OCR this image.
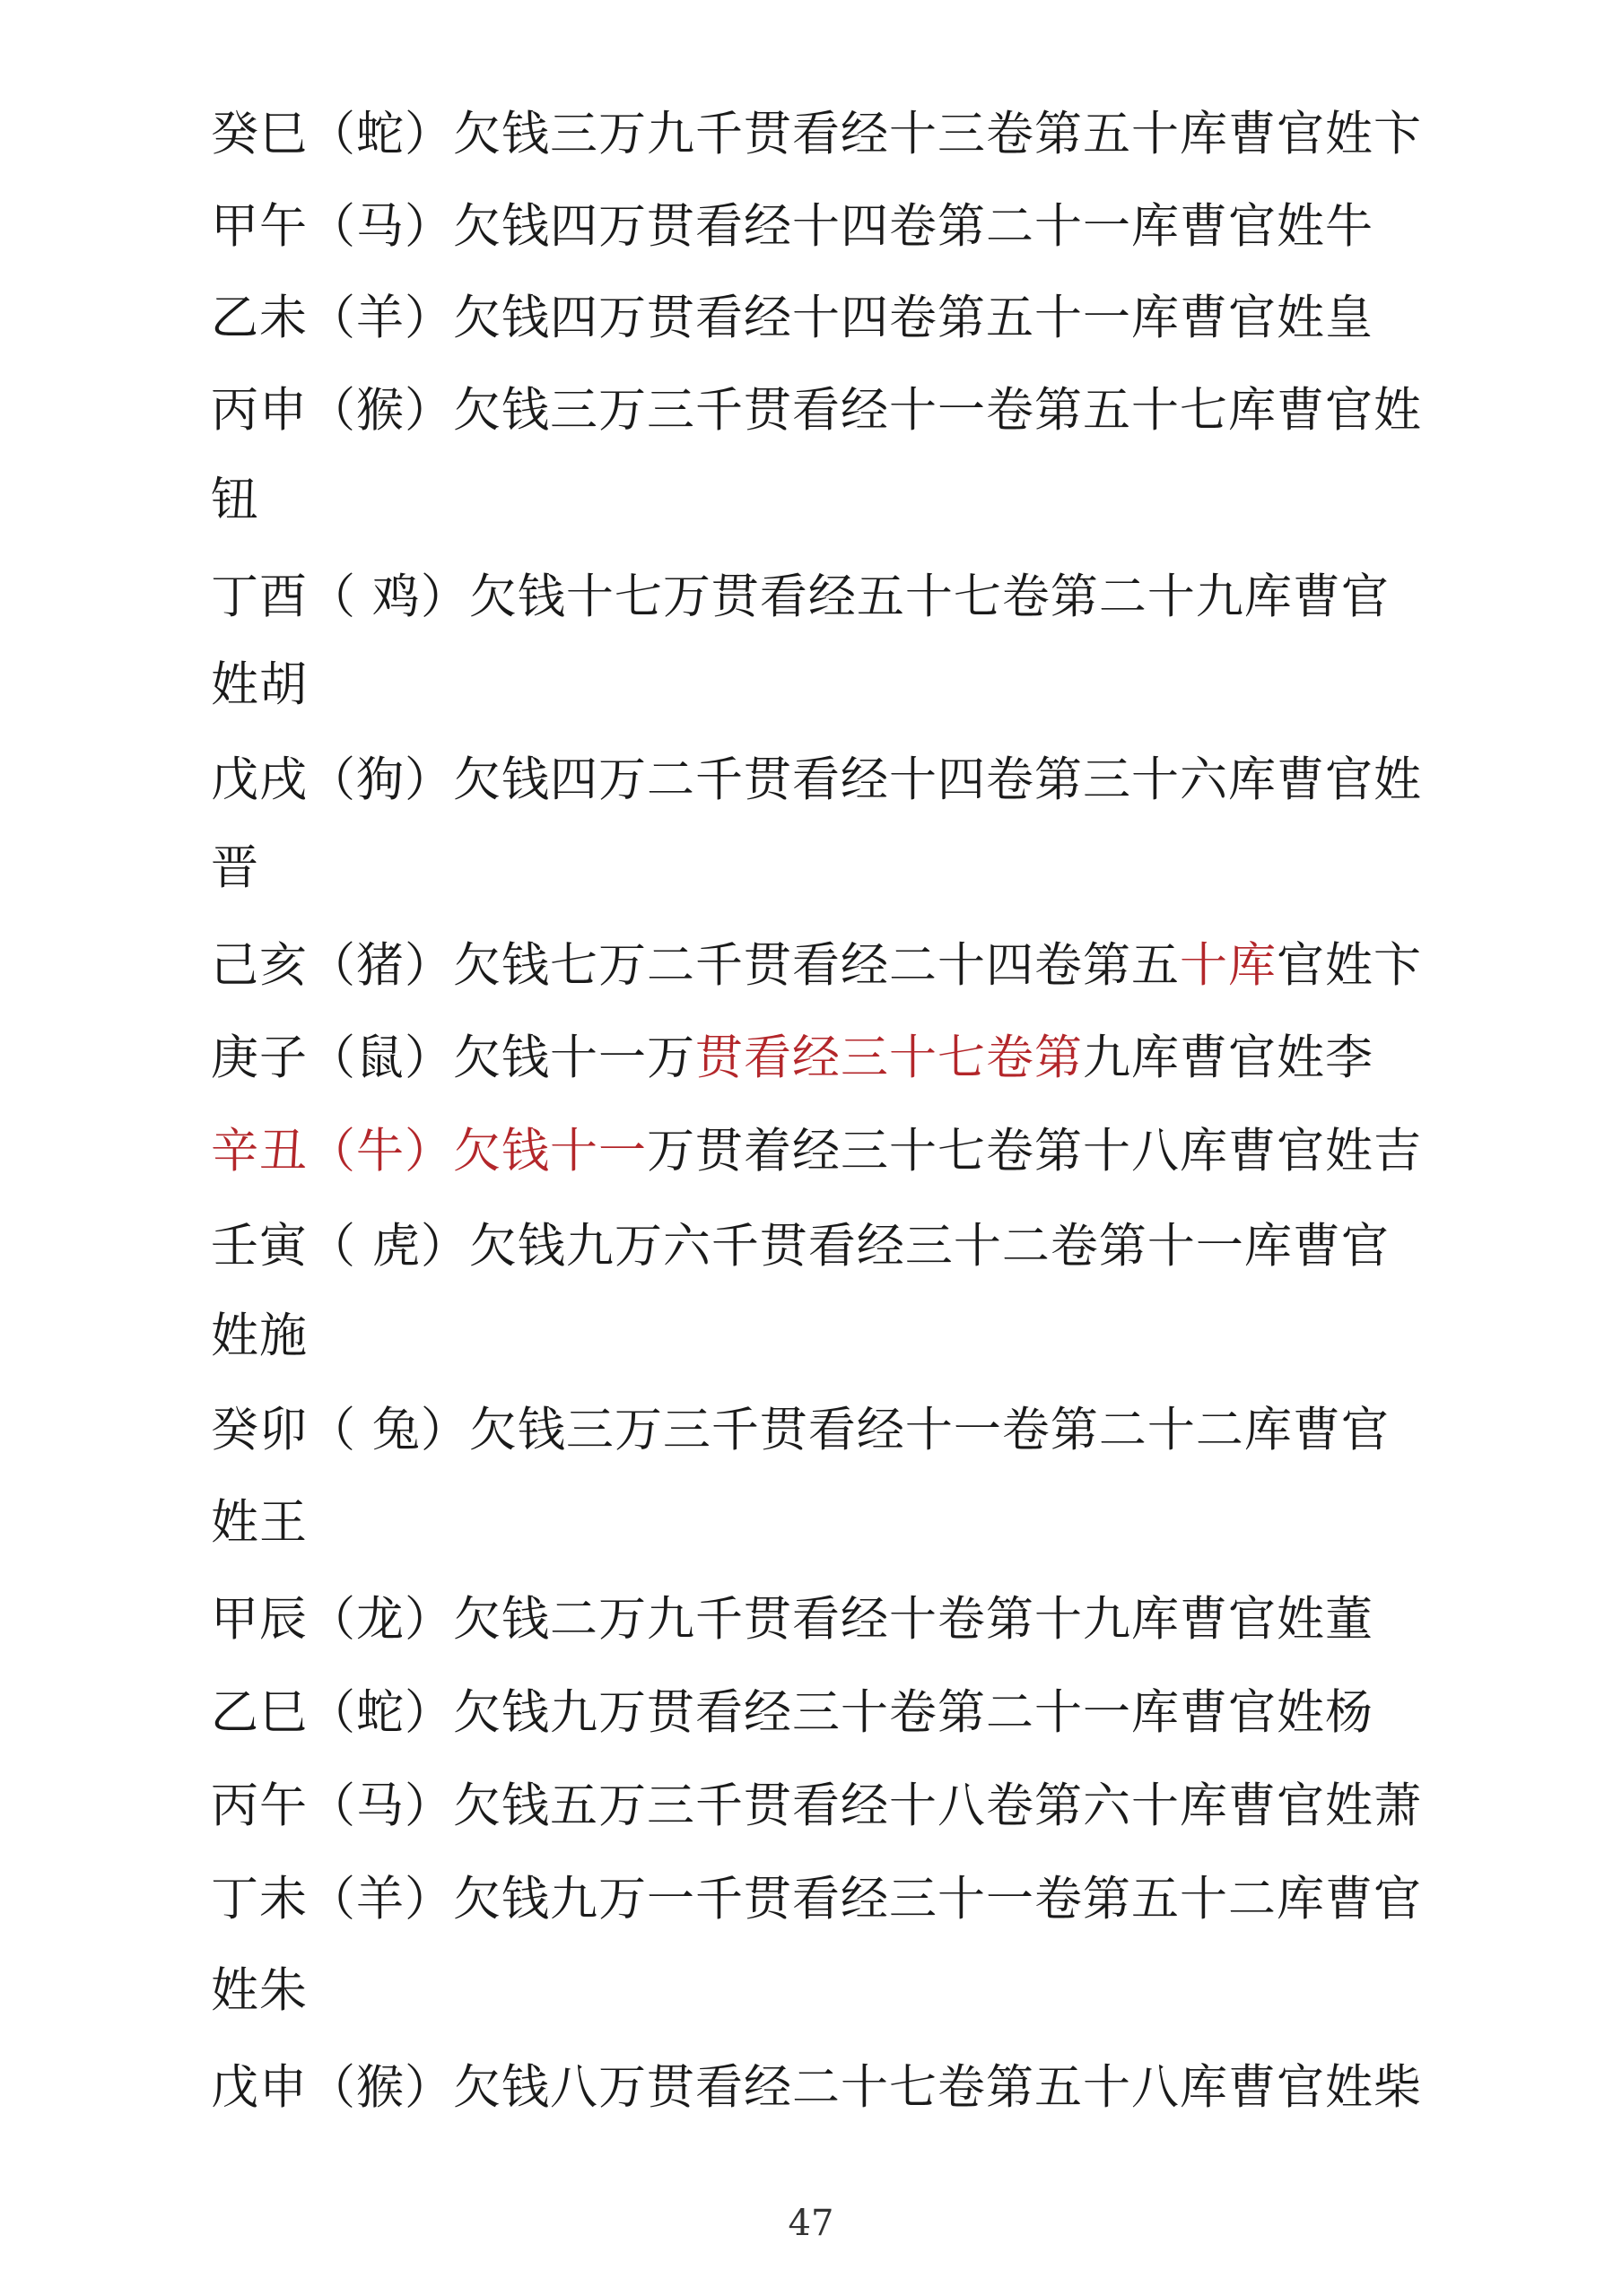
癸巳（蛇）欠钱三万九千贯看经十三卷第五十库曹官姓卞
甲午（马）欠钱四万贯看经十四卷第二十一库曹官姓牛
乙未（羊）欠钱四万贯看经十四卷第五十一库曹官姓皇
丙申（猴）欠钱三万三千贯看经十一卷第五十七库曹官姓
钮
丁酉（ 鸡）欠钱十七万贯看经五十七卷第二十九库曹官
姓胡
戊戌（狗）欠钱四万二千贯看经十四卷第三十六库曹官姓
晋
己亥（猪）欠钱七万二千贯看经二十四卷第五十库官姓卞
庚子（鼠）欠钱十一万贯看经三十七卷第九库曹官姓李
辛丑（牛）欠钱十一万贯着经三十七卷第十八库曹官姓吉
壬寅（ 虎）欠钱九万六千贯看经三十二卷第十一库曹官
姓施
癸卯（ 兔）欠钱三万三千贯看经十一卷第二十二库曹官
姓王
甲辰（龙）欠钱二万九千贯看经十卷第十九库曹官姓董
乙巳（蛇）欠钱九万贯看经三十卷第二十一库曹官姓杨
丙午（马）欠钱五万三千贯看经十八卷第六十库曹官姓萧
丁未（羊）欠钱九万一千贯看经三十一卷第五十二库曹官
姓朱
戊申（猴）欠钱八万贯看经二十七卷第五十八库曹官姓柴
47
